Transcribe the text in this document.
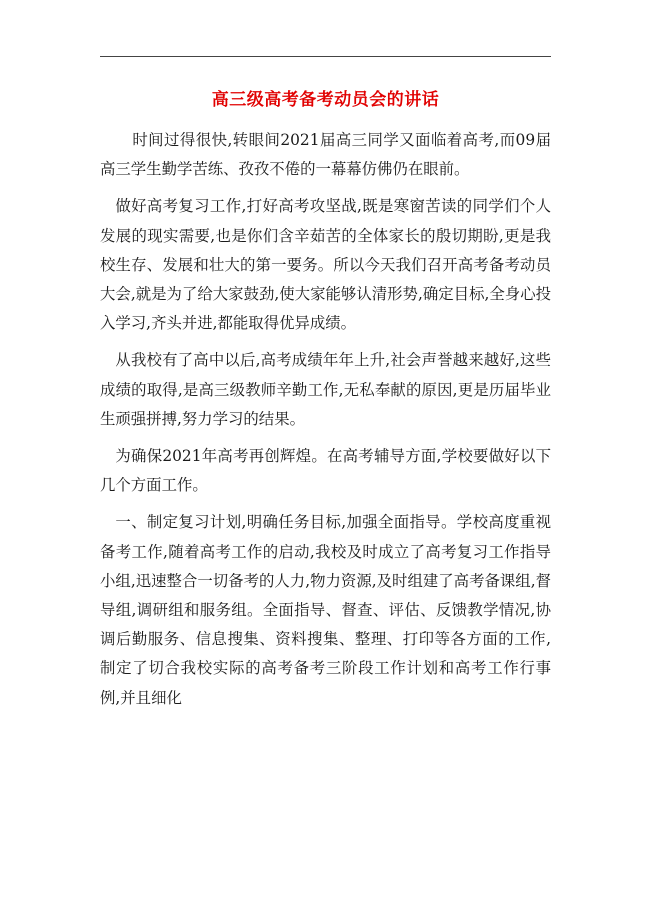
高三级高考备考动员会的讲话

时间过得很快,转眼间2021届高三同学又面临着高考,而09届高三学生勤学苦练、孜孜不倦的一幕幕仿佛仍在眼前。

做好高考复习工作,打好高考攻坚战,既是寒窗苦读的同学们个人发展的现实需要,也是你们含辛茹苦的全体家长的殷切期盼,更是我校生存、发展和壮大的第一要务。所以今天我们召开高考备考动员大会,就是为了给大家鼓劲,使大家能够认清形势,确定目标,全身心投入学习,齐头并进,都能取得优异成绩。

从我校有了高中以后,高考成绩年年上升,社会声誉越来越好,这些成绩的取得,是高三级教师辛勤工作,无私奉献的原因,更是历届毕业生顽强拼搏,努力学习的结果。

为确保2021年高考再创辉煌。在高考辅导方面,学校要做好以下几个方面工作。

一、制定复习计划,明确任务目标,加强全面指导。学校高度重视备考工作,随着高考工作的启动,我校及时成立了高考复习工作指导小组,迅速整合一切备考的人力,物力资源,及时组建了高考备课组,督导组,调研组和服务组。全面指导、督查、评估、反馈教学情况,协调后勤服务、信息搜集、资料搜集、整理、打印等各方面的工作,制定了切合我校实际的高考备考三阶段工作计划和高考工作行事例,并且细化
